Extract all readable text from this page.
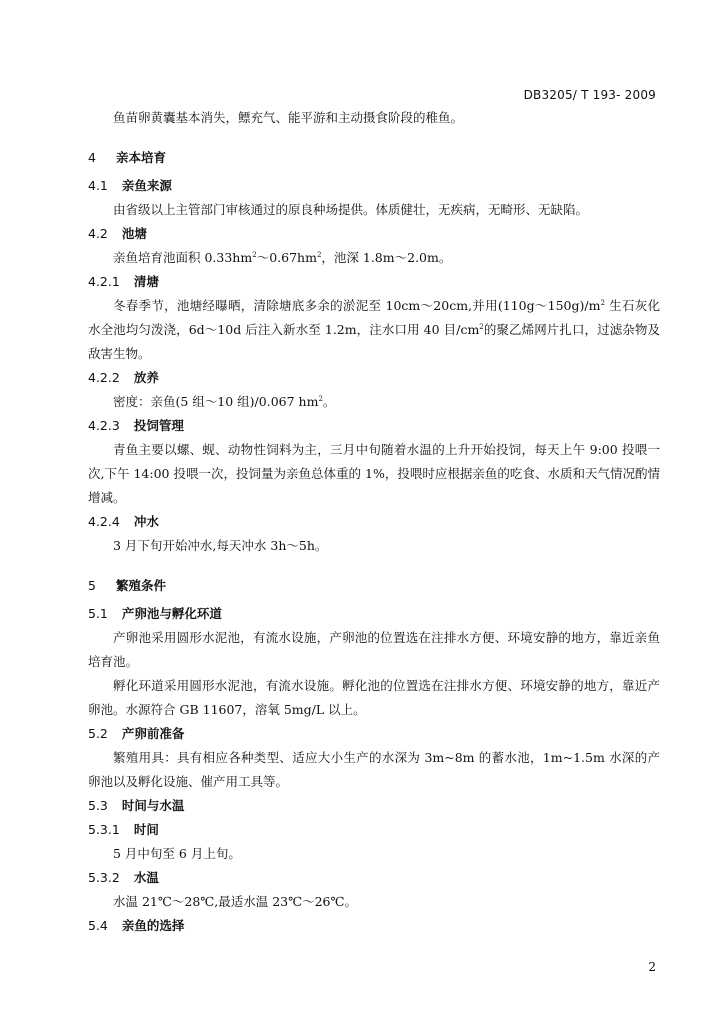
DB3205/ T 193- 2009

鱼苗卵黄囊基本消失，鳔充气、能平游和主动摄食阶段的稚鱼。

4 亲本培育
4.1 亲鱼来源

由省级以上主管部门审核通过的原良种场提供。体质健壮，无疾病，无畸形、无缺陷。

4.2 池塘

亲鱼培育池面积 $0.33hm^2\sim 0.67hm^2$，池深 1.8m～2.0m。

4.2.1 清塘

冬春季节，池塘经曝晒，清除塘底多余的淤泥至 10cm～20cm,并用$(110g\sim 150g)/m^2$ 生石灰化水全池均匀泼浇，6d～10d 后注入新水至 1.2m，注水口用 40 目$/cm^2$的聚乙烯网片扎口，过滤杂物及敌害生物。

4.2.2 放养

密度：亲鱼(5 组～10 组)/0.067 $hm^2$。

4.2.3 投饲管理

青鱼主要以螺、蚬、动物性饲料为主，三月中旬随着水温的上升开始投饲，每天上午 9:00 投喂一次,下午 14:00 投喂一次，投饲量为亲鱼总体重的 1%，投喂时应根据亲鱼的吃食、水质和天气情况酌情增减。

4.2.4 冲水

3 月下旬开始冲水,每天冲水 3h～5h。

5 繁殖条件
5.1 产卵池与孵化环道

产卵池采用圆形水泥池，有流水设施，产卵池的位置选在注排水方便、环境安静的地方，靠近亲鱼培育池。

孵化环道采用圆形水泥池，有流水设施。孵化池的位置选在注排水方便、环境安静的地方，靠近产卵池。水源符合 GB 11607，溶氧 5mg/L 以上。

5.2 产卵前准备

繁殖用具：具有相应各种类型、适应大小生产的水深为 3m~8m 的蓄水池，1m~1.5m 水深的产卵池以及孵化设施、催产用工具等。

5.3 时间与水温
5.3.1 时间

5 月中旬至 6 月上旬。

5.3.2 水温

水温 21℃～28℃,最适水温 23℃～26℃。

5.4 亲鱼的选择
2
